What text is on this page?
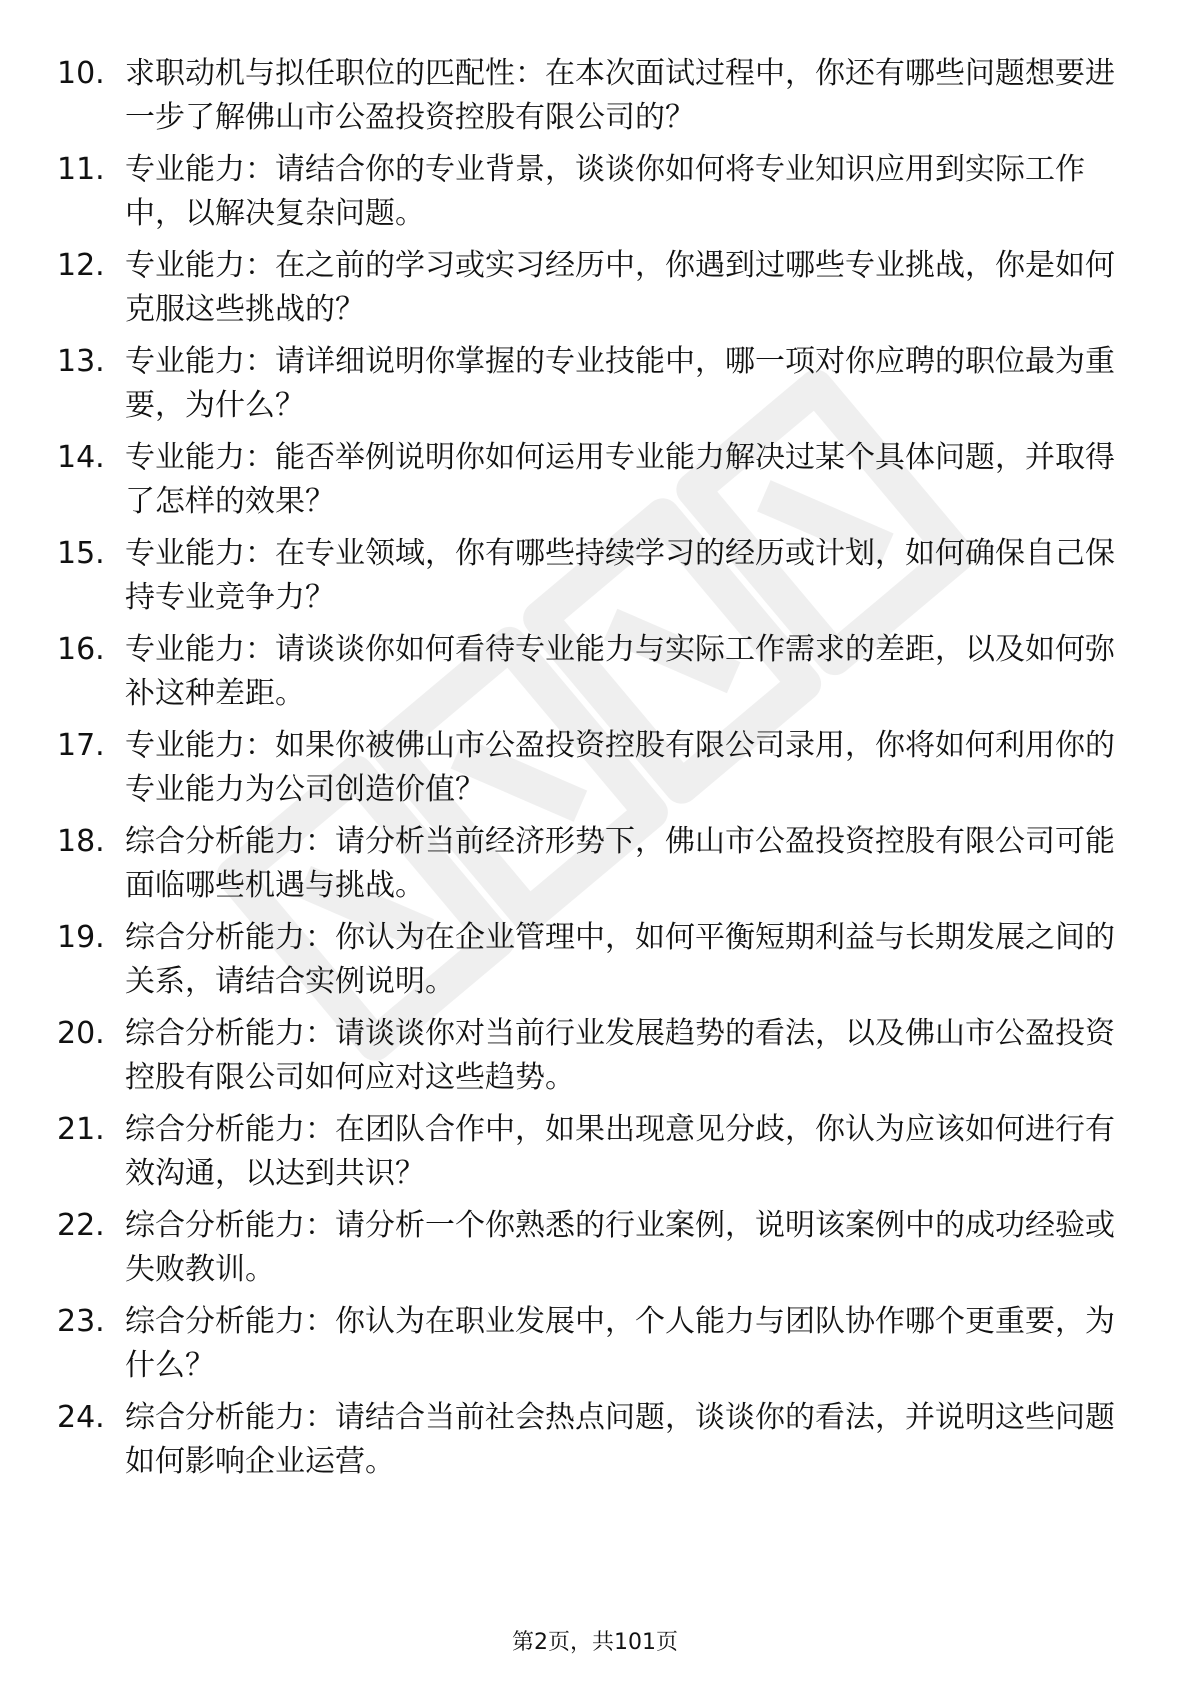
10. 求职动机与拟任职位的匹配性：在本次面试过程中，你还有哪些问题想要进一步了解佛山市公盈投资控股有限公司的？
11. 专业能力：请结合你的专业背景，谈谈你如何将专业知识应用到实际工作中，以解决复杂问题。
12. 专业能力：在之前的学习或实习经历中，你遇到过哪些专业挑战，你是如何克服这些挑战的？
13. 专业能力：请详细说明你掌握的专业技能中，哪一项对你应聘的职位最为重要，为什么？
14. 专业能力：能否举例说明你如何运用专业能力解决过某个具体问题，并取得了怎样的效果？
15. 专业能力：在专业领域，你有哪些持续学习的经历或计划，如何确保自己保持专业竞争力？
16. 专业能力：请谈谈你如何看待专业能力与实际工作需求的差距，以及如何弥补这种差距。
17. 专业能力：如果你被佛山市公盈投资控股有限公司录用，你将如何利用你的专业能力为公司创造价值？
18. 综合分析能力：请分析当前经济形势下，佛山市公盈投资控股有限公司可能面临哪些机遇与挑战。
19. 综合分析能力：你认为在企业管理中，如何平衡短期利益与长期发展之间的关系，请结合实例说明。
20. 综合分析能力：请谈谈你对当前行业发展趋势的看法，以及佛山市公盈投资控股有限公司如何应对这些趋势。
21. 综合分析能力：在团队合作中，如果出现意见分歧，你认为应该如何进行有效沟通，以达到共识？
22. 综合分析能力：请分析一个你熟悉的行业案例，说明该案例中的成功经验或失败教训。
23. 综合分析能力：你认为在职业发展中，个人能力与团队协作哪个更重要，为什么？
24. 综合分析能力：请结合当前社会热点问题，谈谈你的看法，并说明这些问题如何影响企业运营。
第2页，共101页
